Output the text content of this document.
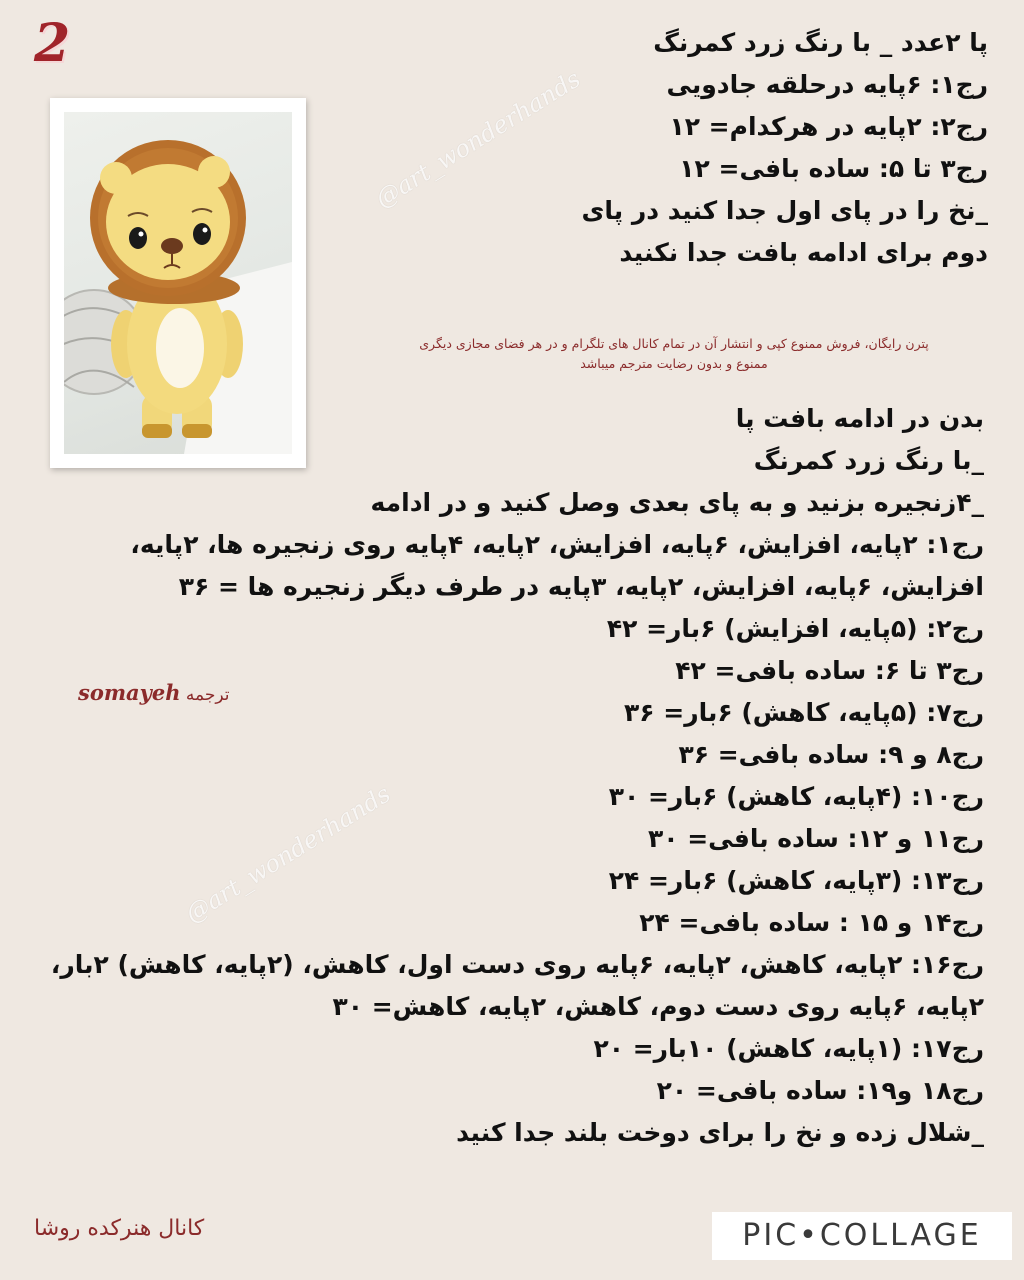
2
@art_wonderhands
@art_wonderhands
پا ۲عدد _ با رنگ زرد کمرنگ
رج۱: ۶پایه درحلقه جادویی
رج۲: ۲پایه در هرکدام= ۱۲
رج۳ تا ۵: ساده بافی= ۱۲
_نخ را در پای اول جدا کنید در پای
دوم برای ادامه بافت جدا نکنید
پترن رایگان، فروش ممنوع کپی و انتشار آن در تمام کانال های تلگرام و در هر فضای مجازی دیگری
ممنوع و بدون رضایت مترجم میباشد
بدن در ادامه بافت پا
_با رنگ زرد کمرنگ
_۴زنجیره بزنید و به پای بعدی وصل کنید و در ادامه
رج۱: ۲پایه، افزایش، ۶پایه، افزایش، ۲پایه، ۴پایه روی زنجیره ها، ۲پایه،
افزایش، ۶پایه، افزایش، ۲پایه، ۳پایه در طرف دیگر زنجیره ها = ۳۶
رج۲: (۵پایه، افزایش) ۶بار= ۴۲
رج۳ تا ۶: ساده بافی= ۴۲
رج۷: (۵پایه، کاهش) ۶بار= ۳۶
رج۸ و ۹: ساده بافی= ۳۶
رج۱۰: (۴پایه، کاهش) ۶بار= ۳۰
رج۱۱ و ۱۲: ساده بافی= ۳۰
رج۱۳: (۳پایه، کاهش) ۶بار= ۲۴
رج۱۴ و ۱۵ : ساده بافی= ۲۴
رج۱۶: ۲پایه، کاهش، ۲پایه، ۶پایه روی دست اول، کاهش، (۲پایه، کاهش) ۲بار،
۲پایه، ۶پایه روی دست دوم، کاهش، ۲پایه، کاهش= ۳۰
رج۱۷: (۱پایه، کاهش) ۱۰بار= ۲۰
رج۱۸ و۱۹: ساده بافی= ۲۰
_شلال زده و نخ را برای دوخت بلند جدا کنید
ترجمه somayeh
کانال هنرکده روشا	PIC•COLLAGE
